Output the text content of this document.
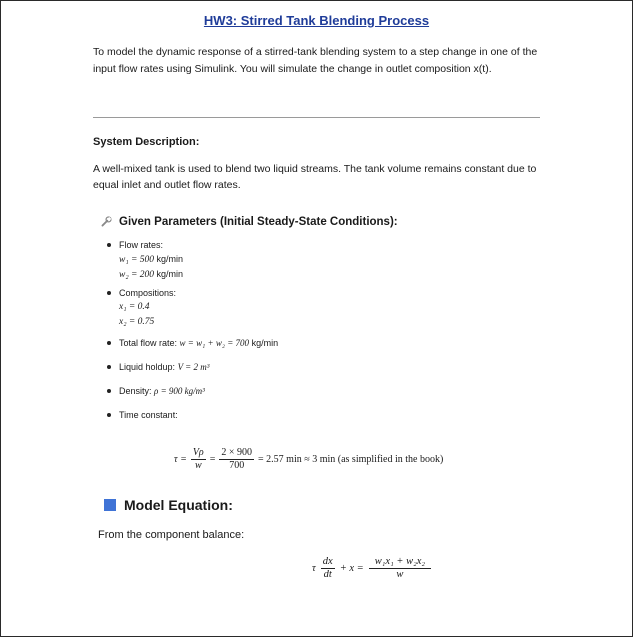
HW3: Stirred Tank Blending Process
To model the dynamic response of a stirred-tank blending system to a step change in one of the input flow rates using Simulink. You will simulate the change in outlet composition x(t).
System Description:
A well-mixed tank is used to blend two liquid streams. The tank volume remains constant due to equal inlet and outlet flow rates.
Given Parameters (Initial Steady-State Conditions):
Flow rates:
w₁ = 500 kg/min
w₂ = 200 kg/min
Compositions:
x₁ = 0.4
x₂ = 0.75
Total flow rate: w = w₁ + w₂ = 700 kg/min
Liquid holdup: V = 2 m³
Density: ρ = 900 kg/m³
Time constant:
$\tau = \frac{V\rho}{w} = \frac{2 \times 900}{700} = 2.57$ min ≈ 3 min (as simplified in the book)
Model Equation:
From the component balance:
τ $\frac{dx}{dt} + x = \frac{\text{w₁x₁ + w₂x₂}}{w}$
